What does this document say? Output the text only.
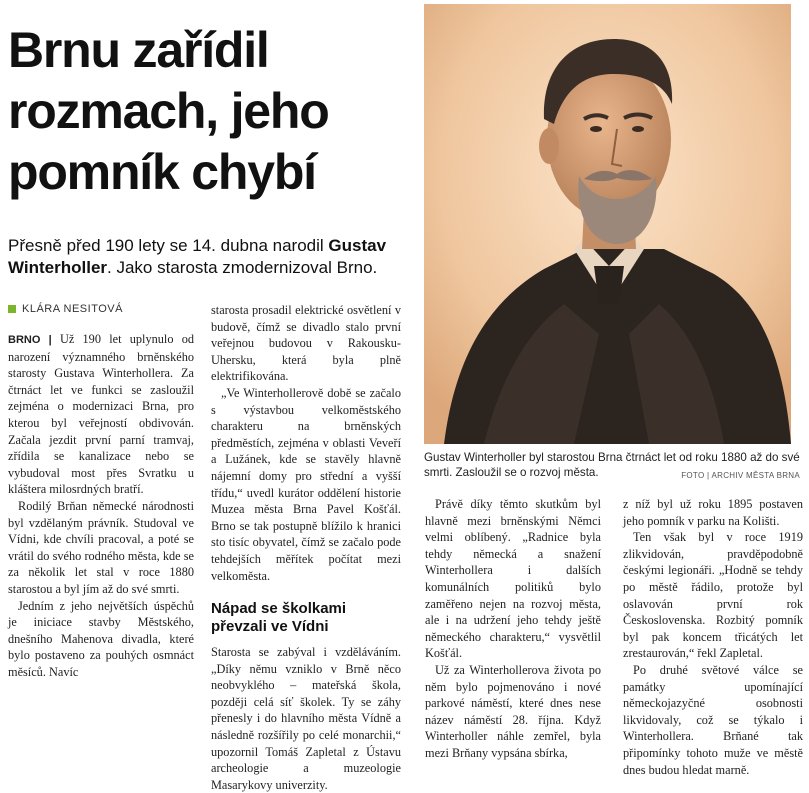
Brnu zařídil
rozmach, jeho
pomník chybí

Přesně před 190 lety se 14. dubna narodil Gustav Winterholler. Jako starosta zmodernizoval Brno.

KLÁRA NESITOVÁ

BRNO | Už 190 let uplynulo od narození významného brněnského starosty Gustava Winterhollera. Za čtrnáct let ve funkci se zasloužil zejména o modernizaci Brna, pro kterou byl veřejností obdivován. Začala jezdit první parní tramvaj, zřídila se kanalizace nebo se vybudoval most přes Svratku u kláštera milosrdných bratří.

Rodilý Brňan německé národnosti byl vzdělaným právník. Studoval ve Vídni, kde chvíli pracoval, a poté se vrátil do svého rodného města, kde se za několik let stal v roce 1880 starostou a byl jím až do své smrti.

Jedním z jeho největších úspěchů je iniciace stavby Městského, dnešního Mahenova divadla, které bylo postaveno za pouhých osmnáct měsíců. Navíc

starosta prosadil elektrické osvětlení v budově, čímž se divadlo stalo první veřejnou budovou v Rakousku-Uhersku, která byla plně elektrifikována.

„Ve Winterhollerově době se začalo s výstavbou velkoměstského charakteru na brněnských předměstích, zejména v oblasti Veveří a Lužánek, kde se stavěly hlavně nájemní domy pro střední a vyšší třídu,“ uvedl kurátor oddělení historie Muzea města Brna Pavel Košťál. Brno se tak postupně blížilo k hranici sto tisíc obyvatel, čímž se začalo pode tehdejších měřítek počítat mezi velkoměsta.

Nápad se školkami převzali ve Vídni

Starosta se zabýval i vzděláváním. „Díky němu vzniklo v Brně něco neobvyklého – mateřská škola, později celá síť školek. Ty se záhy přenesly i do hlavního města Vídně a následně rozšířily po celé monarchii,“ upozornil Tomáš Zapletal z Ústavu archeologie a muzeologie Masarykovy univerzity.

Gustav Winterholler byl starostou Brna čtrnáct let od roku 1880 až do své smrti. Zasloužil se o rozvoj města.	FOTO | ARCHIV MĚSTA BRNA

Právě díky těmto skutkům byl hlavně mezi brněnskými Němci velmi oblíbený. „Radnice byla tehdy německá a snažení Winterhollera i dalších komunálních politiků bylo zaměřeno nejen na rozvoj města, ale i na udržení jeho tehdy ještě německého charakteru,“ vysvětlil Košťál.

Už za Winterhollerova života po něm bylo pojmenováno i nové parkové náměstí, které dnes nese název náměstí 28. října. Když Winterholler náhle zemřel, byla mezi Brňany vypsána sbírka,

z níž byl už roku 1895 postaven jeho pomník v parku na Kolišti.

Ten však byl v roce 1919 zlikvidován, pravděpodobně českými legionáři. „Hodně se tehdy po městě řádilo, protože byl oslavován první rok Československa. Rozbitý pomník byl pak koncem třicátých let zrestaurován,“ řekl Zapletal.

Po druhé světové válce se památky upomínající německojazyčné osobnosti likvidovaly, což se týkalo i Winterhollera. Brňané tak připomínky tohoto muže ve městě dnes budou hledat marně.
